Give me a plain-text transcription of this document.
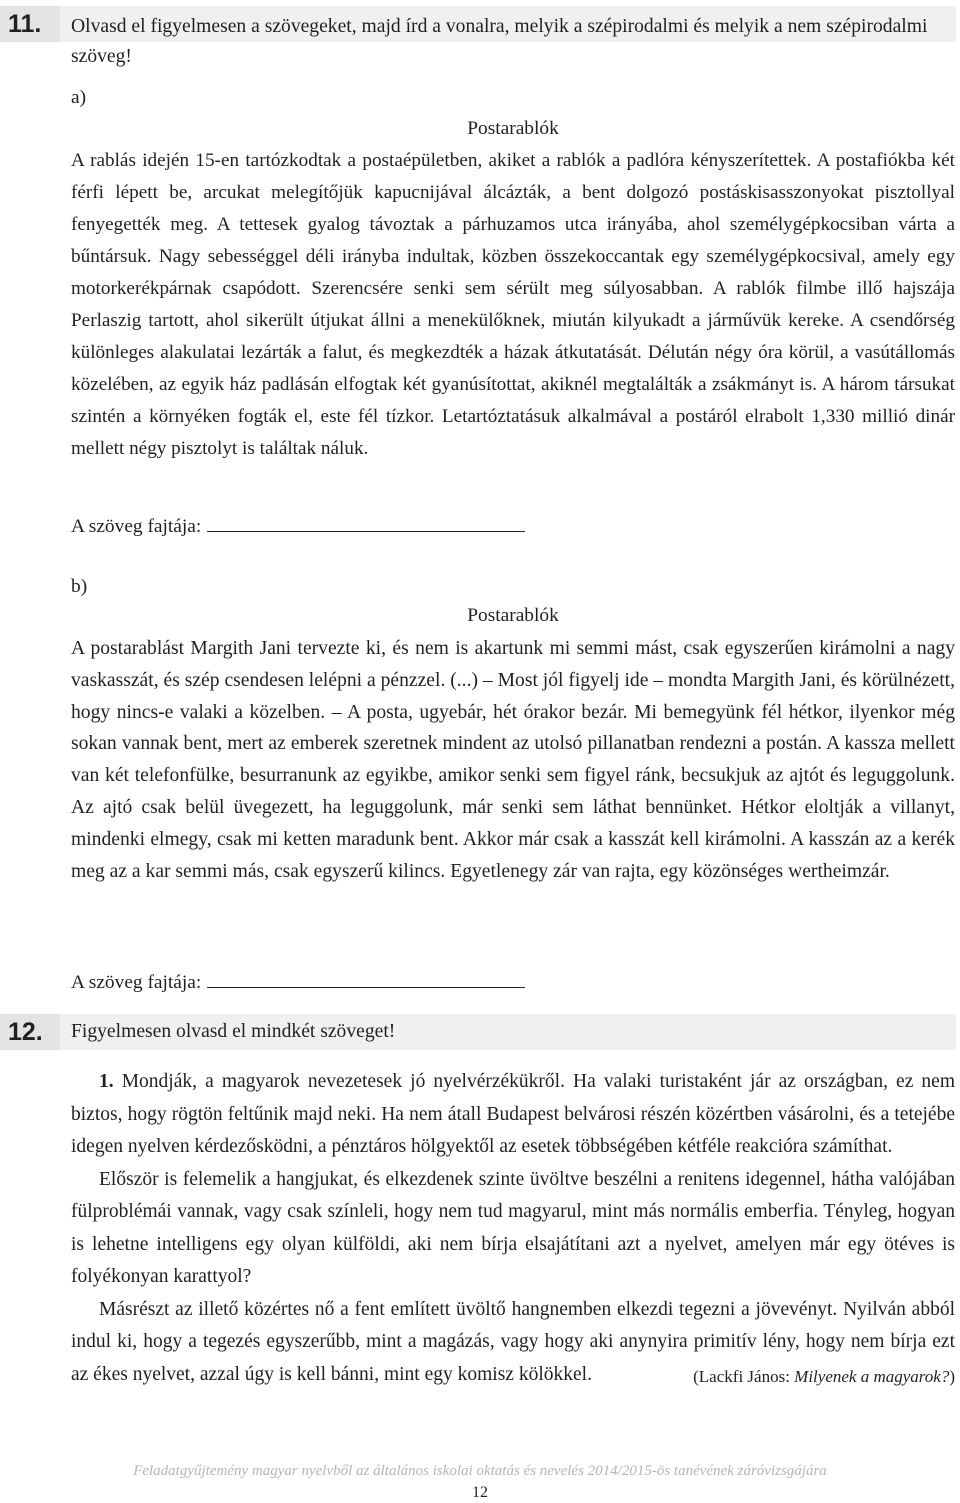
11.	Olvasd el figyelmesen a szövegeket, majd írd a vonalra, melyik a szépirodalmi és melyik a nem szépirodalmi szöveg!
a)
Postarablók
A rablás idején 15-en tartózkodtak a postaépületben, akiket a rablók a padlóra kényszerítettek. A postafiókba két férfi lépett be, arcukat melegítőjük kapucnijával álcázták, a bent dolgozó postáskisasszonyokat pisztollyal fenyegették meg. A tettesek gyalog távoztak a párhuzamos utca irányába, ahol személygépkocsiban várta a bűntársuk. Nagy sebességgel déli irányba indultak, közben összekoccantak egy személygépkocsival, amely egy motorkerékpárnak csapódott. Szerencsére senki sem sérült meg súlyosabban. A rablók filmbe illő hajszája Perlaszig tartott, ahol sikerült útjukat állni a menekülőknek, miután kilyukadt a járművük kereke. A csendőrség különleges alakulatai lezárták a falut, és megkezdték a házak átkutatását. Délután négy óra körül, a vasútállomás közelében, az egyik ház padlásán elfogtak két gyanúsítottat, akiknél megtalálták a zsákmányt is. A három társukat szintén a környéken fogták el, este fél tízkor. Letartóztatásuk alkalmával a postáról elrabolt 1,330 millió dinár mellett négy pisztolyt is találtak náluk.
A szöveg fajtája:
b)
Postarablók
A postarablást Margith Jani tervezte ki, és nem is akartunk mi semmi mást, csak egyszerűen kirámolni a nagy vaskasszát, és szép csendesen lelépni a pénzzel. (...) – Most jól figyelj ide – mondta Margith Jani, és körülnézett, hogy nincs-e valaki a közelben. – A posta, ugyebár, hét órakor bezár. Mi bemegyünk fél hétkor, ilyenkor még sokan vannak bent, mert az emberek szeretnek mindent az utolsó pillanatban rendezni a postán. A kassza mellett van két telefonfülke, besurranunk az egyikbe, amikor senki sem figyel ránk, becsukjuk az ajtót és leguggolunk. Az ajtó csak belül üvegezett, ha leguggolunk, már senki sem láthat bennünket. Hétkor eloltják a villanyt, mindenki elmegy, csak mi ketten maradunk bent. Akkor már csak a kasszát kell kirámolni. A kasszán az a kerék meg az a kar semmi más, csak egyszerű kilincs. Egyetlenegy zár van rajta, egy közönséges wertheimzár.
A szöveg fajtája:
12.	Figyelmesen olvasd el mindkét szöveget!
1. Mondják, a magyarok nevezetesek jó nyelvérzékükről. Ha valaki turistaként jár az országban, ez nem biztos, hogy rögtön feltűnik majd neki. Ha nem átall Budapest belvárosi részén közértben vásárolni, és a tetejébe idegen nyelven kérdezősködni, a pénztáros hölgyektől az esetek többségében kétféle reakcióra számíthat.
Először is felemelik a hangjukat, és elkezdenek szinte üvöltve beszélni a renitens idegennel, hátha valójában fülproblémái vannak, vagy csak színleli, hogy nem tud magyarul, mint más normális emberfia. Tényleg, hogyan is lehetne intelligens egy olyan külföldi, aki nem bírja elsajátítani azt a nyelvet, amelyen már egy ötéves is folyékonyan karattyol?
Másrészt az illető közértes nő a fent említett üvöltő hangnemben elkezdi tegezni a jövevényt. Nyilván abból indul ki, hogy a tegezés egyszerűbb, mint a magázás, vagy hogy aki anynyira primitív lény, hogy nem bírja ezt az ékes nyelvet, azzal úgy is kell bánni, mint egy komisz kölökkel.	(Lackfi János: Milyenek a magyarok?)
Feladatgyűjtemény magyar nyelvből az általános iskolai oktatás és nevelés 2014/2015-ös tanévének záróvizsgájára
12
